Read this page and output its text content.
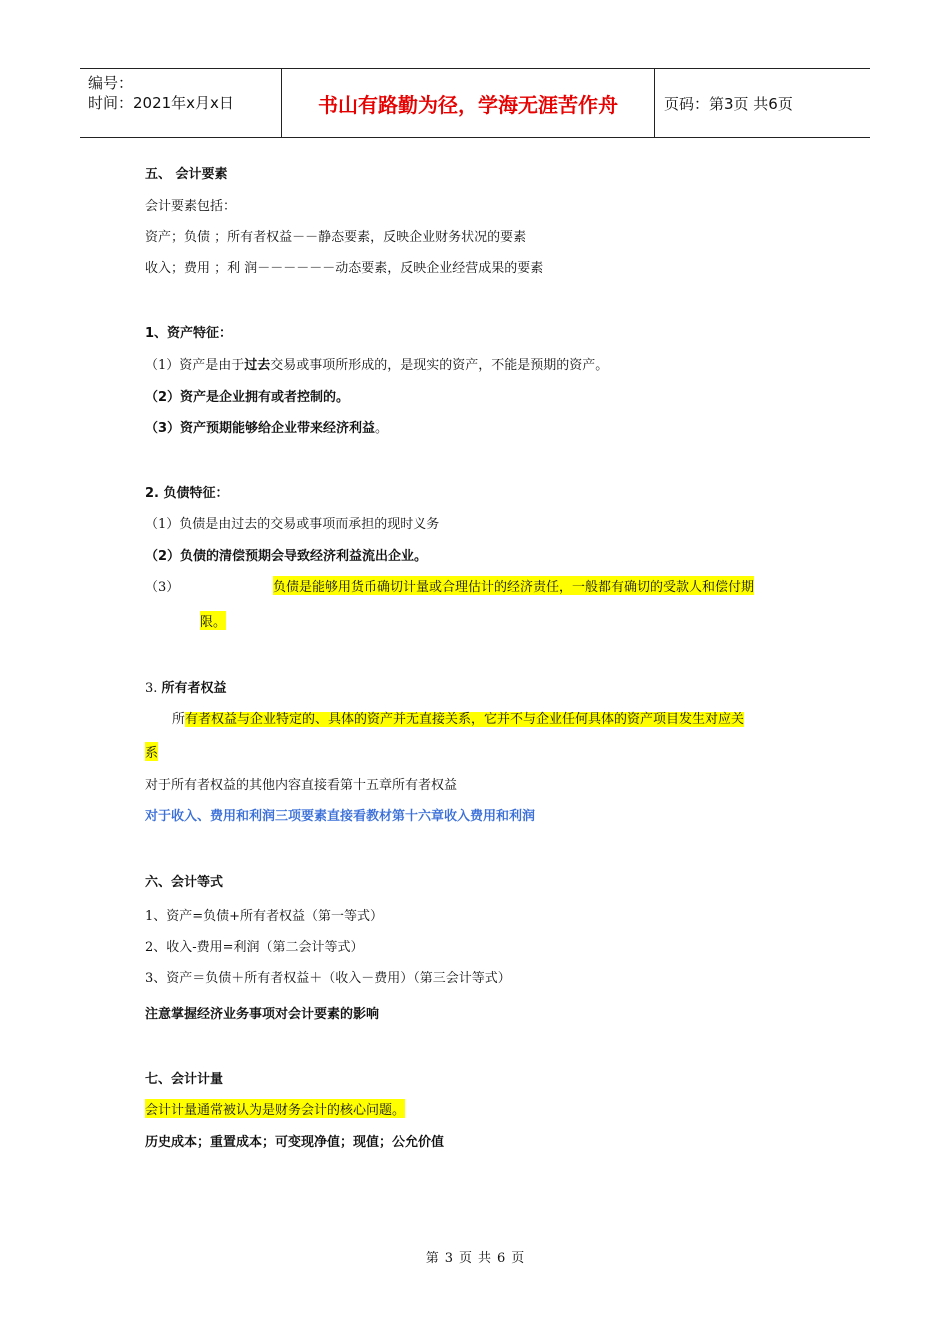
编号：
时间：2021年x月x日	书山有路勤为径，学海无涯苦作舟	页码：第3页 共6页
五、 会计要素
会计要素包括：
资产；负债 ；所有者权益－－静态要素，反映企业财务状况的要素
收入；费用 ；利 润－－－－－－动态要素，反映企业经营成果的要素
1、资产特征：
（1）资产是由于过去交易或事项所形成的，是现实的资产，不能是预期的资产。
（2）资产是企业拥有或者控制的。
（3）资产预期能够给企业带来经济利益。
2. 负债特征：
（1）负债是由过去的交易或事项而承担的现时义务
（2）负债的清偿预期会导致经济利益流出企业。
（3）	负债是能够用货币确切计量或合理估计的经济责任，一般都有确切的受款人和偿付期
限。
3. 所有者权益
所有者权益与企业特定的、具体的资产并无直接关系，它并不与企业任何具体的资产项目发生对应关
系
对于所有者权益的其他内容直接看第十五章所有者权益
对于收入、费用和利润三项要素直接看教材第十六章收入费用和利润
六、会计等式
1、资产=负债+所有者权益（第一等式）
2、收入-费用=利润（第二会计等式）
3、资产＝负债＋所有者权益＋（收入－费用）（第三会计等式）
注意掌握经济业务事项对会计要素的影响
七、会计计量
会计计量通常被认为是财务会计的核心问题。
历史成本；重置成本；可变现净值；现值；公允价值
第 3 页 共 6 页
